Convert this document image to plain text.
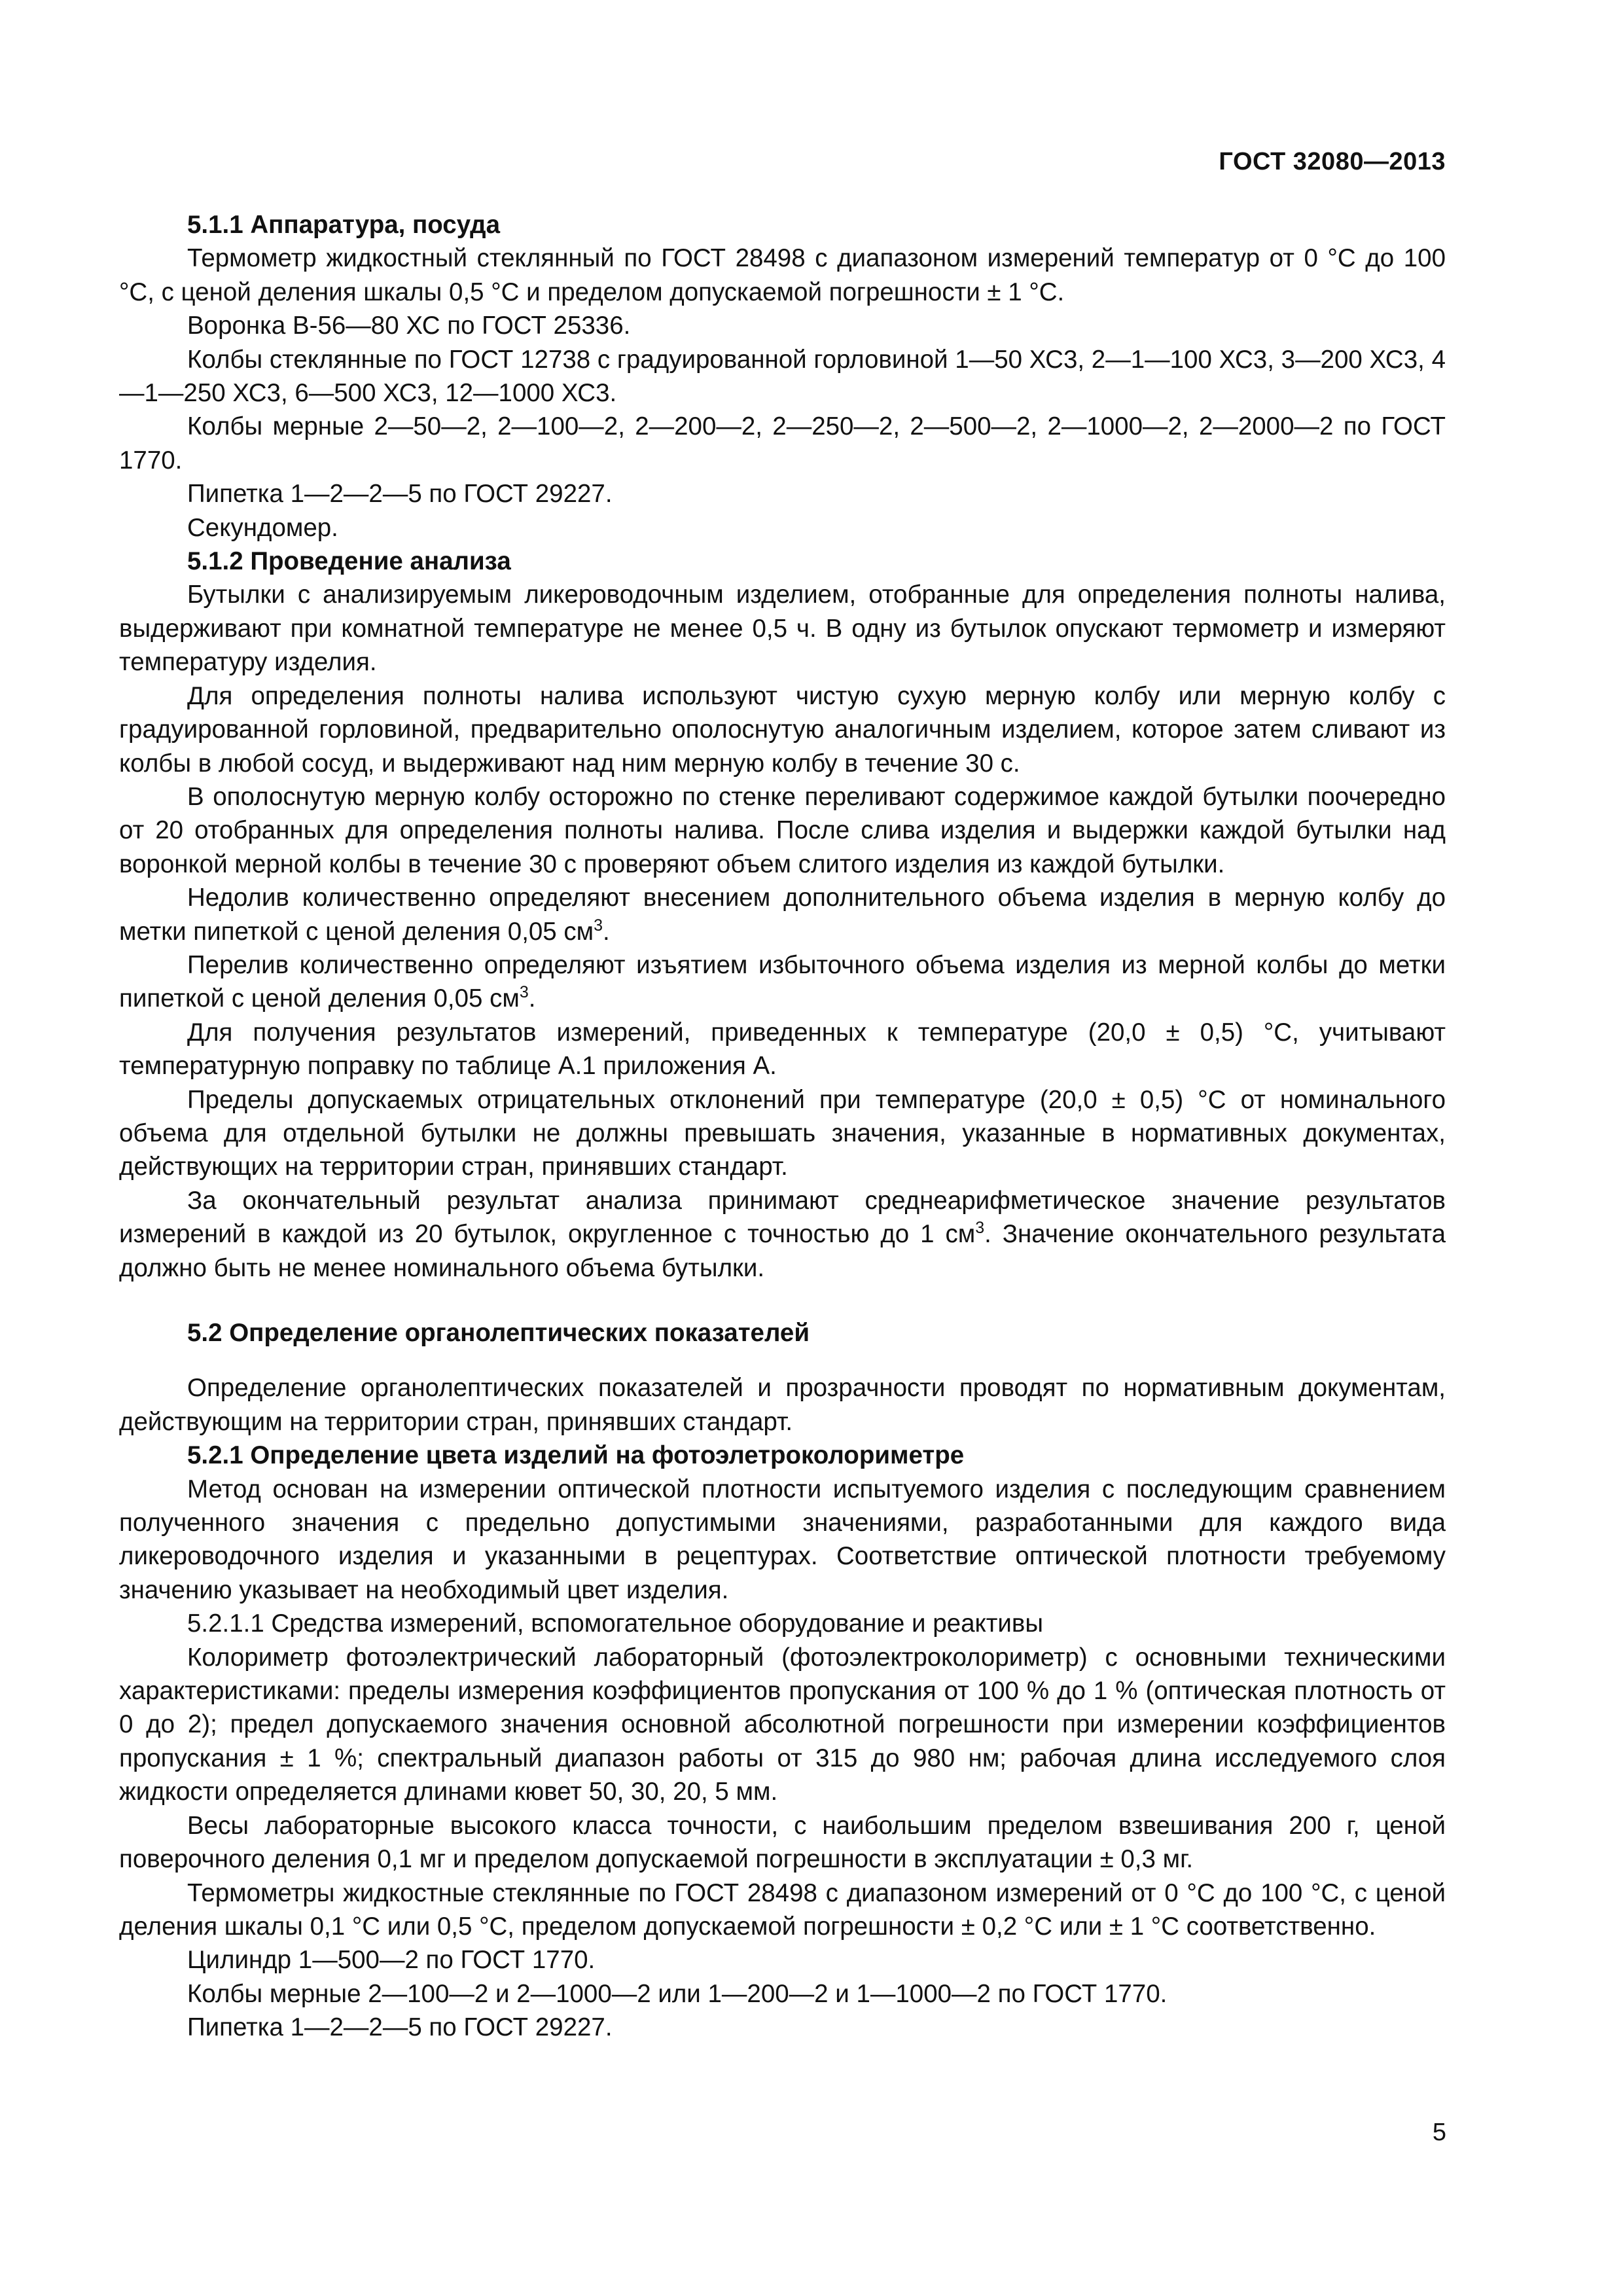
ГОСТ 32080—2013

5.1.1 Аппаратура, посуда

Термометр жидкостный стеклянный по ГОСТ 28498 с диапазоном измерений температур от 0 °C до 100 °C, с ценой деления шкалы 0,5 °C и пределом допускаемой погрешности ± 1 °C.

Воронка В-56—80 ХС по ГОСТ 25336.

Колбы стеклянные по ГОСТ 12738 с градуированной горловиной 1—50 ХС3, 2—1—100 ХС3, 3—200 ХС3, 4—1—250 ХС3, 6—500 ХС3, 12—1000 ХС3.

Колбы мерные 2—50—2, 2—100—2, 2—200—2, 2—250—2, 2—500—2, 2—1000—2, 2—2000—2 по ГОСТ 1770.

Пипетка 1—2—2—5 по ГОСТ 29227.

Секундомер.

5.1.2 Проведение анализа

Бутылки с анализируемым ликероводочным изделием, отобранные для определения полноты налива, выдерживают при комнатной температуре не менее 0,5 ч. В одну из бутылок опускают термометр и измеряют температуру изделия.

Для определения полноты налива используют чистую сухую мерную колбу или мерную колбу с градуированной горловиной, предварительно ополоснутую аналогичным изделием, которое затем сливают из колбы в любой сосуд, и выдерживают над ним мерную колбу в течение 30 с.

В ополоснутую мерную колбу осторожно по стенке переливают содержимое каждой бутылки поочередно от 20 отобранных для определения полноты налива. После слива изделия и выдержки каждой бутылки над воронкой мерной колбы в течение 30 с проверяют объем слитого изделия из каждой бутылки.

Недолив количественно определяют внесением дополнительного объема изделия в мерную колбу до метки пипеткой с ценой деления 0,05 $см^3$.

Перелив количественно определяют изъятием избыточного объема изделия из мерной колбы до метки пипеткой с ценой деления 0,05 $см^3$.

Для получения результатов измерений, приведенных к температуре (20,0 ± 0,5) °C, учитывают температурную поправку по таблице А.1 приложения А.

Пределы допускаемых отрицательных отклонений при температуре (20,0 ± 0,5) °C от номинального объема для отдельной бутылки не должны превышать значения, указанные в нормативных документах, действующих на территории стран, принявших стандарт.

За окончательный результат анализа принимают среднеарифметическое значение результатов измерений в каждой из 20 бутылок, округленное с точностью до 1 $см^3$. Значение окончательного результата должно быть не менее номинального объема бутылки.

5.2 Определение органолептических показателей

Определение органолептических показателей и прозрачности проводят по нормативным документам, действующим на территории стран, принявших стандарт.

5.2.1 Определение цвета изделий на фотоэлетроколориметре

Метод основан на измерении оптической плотности испытуемого изделия с последующим сравнением полученного значения с предельно допустимыми значениями, разработанными для каждого вида ликероводочного изделия и указанными в рецептурах. Соответствие оптической плотности требуемому значению указывает на необходимый цвет изделия.

5.2.1.1 Средства измерений, вспомогательное оборудование и реактивы

Колориметр фотоэлектрический лабораторный (фотоэлектроколориметр) с основными техническими характеристиками: пределы измерения коэффициентов пропускания от 100 % до 1 % (оптическая плотность от 0 до 2); предел допускаемого значения основной абсолютной погрешности при измерении коэффициентов пропускания ± 1 %; спектральный диапазон работы от 315 до 980 нм; рабочая длина исследуемого слоя жидкости определяется длинами кювет 50, 30, 20, 5 мм.

Весы лабораторные высокого класса точности, с наибольшим пределом взвешивания 200 г, ценой поверочного деления 0,1 мг и пределом допускаемой погрешности в эксплуатации ± 0,3 мг.

Термометры жидкостные стеклянные по ГОСТ 28498 с диапазоном измерений от 0 °C до 100 °C, с ценой деления шкалы 0,1 °C или 0,5 °C, пределом допускаемой погрешности ± 0,2 °C или ± 1 °C соответственно.

Цилиндр 1—500—2 по ГОСТ 1770.

Колбы мерные 2—100—2 и 2—1000—2 или 1—200—2 и 1—1000—2 по ГОСТ 1770.

Пипетка 1—2—2—5 по ГОСТ 29227.

5
